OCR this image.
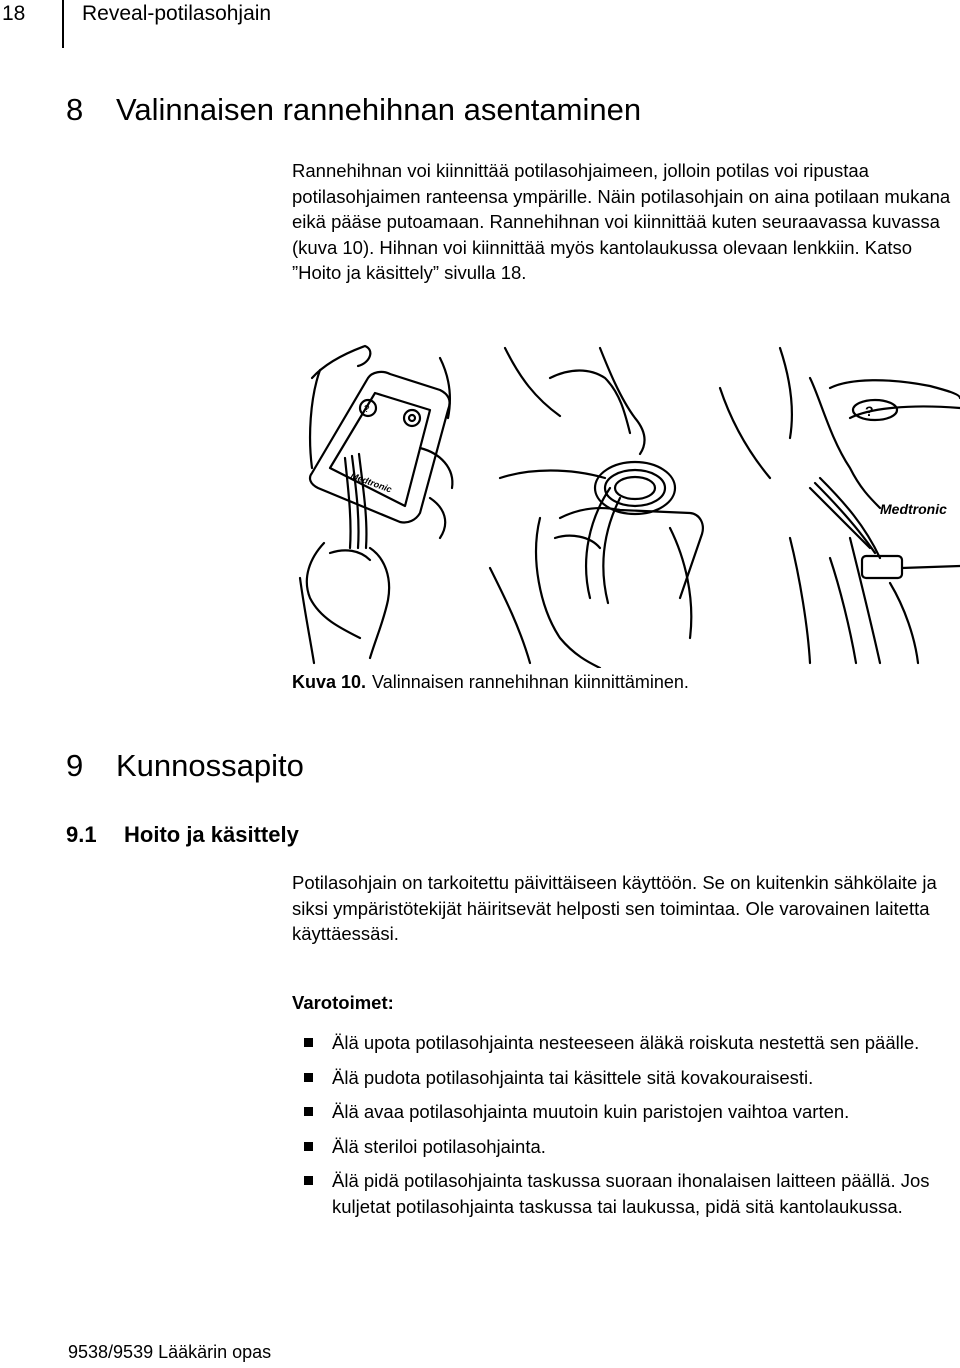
18	Reveal-potilasohjain
8 Valinnaisen rannehihnan asentaminen

Rannehihnan voi kiinnittää potilasohjaimeen, jolloin potilas voi ripustaa potilasohjaimen ranteensa ympärille. Näin potilasohjain on aina potilaan mukana eikä pääse putoamaan. Rannehihnan voi kiinnittää kuten seuraavassa kuvassa (kuva 10). Hihnan voi kiinnittää myös kantolaukussa olevaan lenkkiin. Katso ”Hoito ja käsittely” sivulla 18.

?
Medtronic
?
Medtronic
Kuva 10. Valinnaisen rannehihnan kiinnittäminen.
9 Kunnossapito
9.1 Hoito ja käsittely

Potilasohjain on tarkoitettu päivittäiseen käyttöön. Se on kuitenkin sähkölaite ja siksi ympäristötekijät häiritsevät helposti sen toimintaa. Ole varovainen laitetta käyttäessäsi.

Varotoimet:
Älä upota potilasohjainta nesteeseen äläkä roiskuta nestettä sen päälle.
Älä pudota potilasohjainta tai käsittele sitä kovakouraisesti.
Älä avaa potilasohjainta muutoin kuin paristojen vaihtoa varten.
Älä steriloi potilasohjainta.
Älä pidä potilasohjainta taskussa suoraan ihonalaisen laitteen päällä. Jos kuljetat potilasohjainta taskussa tai laukussa, pidä sitä kantolaukussa.
9538/9539 Lääkärin opas
